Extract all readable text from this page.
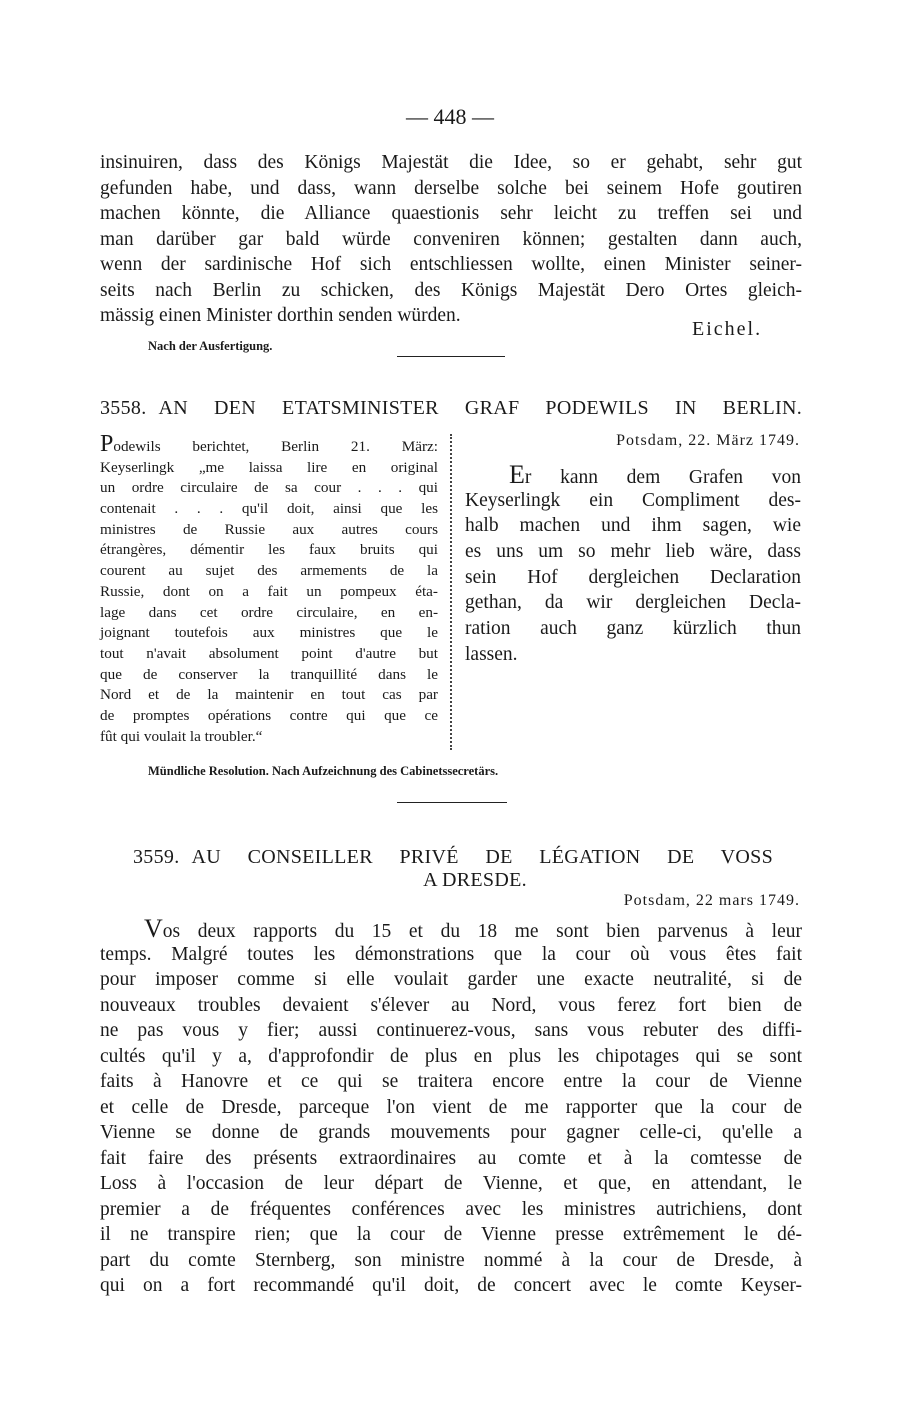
— 448 —
insinuiren, dass des Königs Majestät die Idee, so er gehabt, sehr gut
gefunden habe, und dass, wann derselbe solche bei seinem Hofe goutiren
machen könnte, die Alliance quaestionis sehr leicht zu treffen sei und
man darüber gar bald würde conveniren können; gestalten dann auch,
wenn der sardinische Hof sich entschliessen wollte, einen Minister seiner-
seits nach Berlin zu schicken, des Königs Majestät Dero Ortes gleich-
mässig einen Minister dorthin senden würden.
Eichel.
Nach der Ausfertigung.
3558. AN DEN ETATSMINISTER GRAF PODEWILS IN BERLIN.
Podewils berichtet, Berlin 21. März:
Keyserlingk „me laissa lire en original
un ordre circulaire de sa cour . . . qui
contenait . . . qu'il doit, ainsi que les
ministres de Russie aux autres cours
étrangères, démentir les faux bruits qui
courent au sujet des armements de la
Russie, dont on a fait un pompeux éta-
lage dans cet ordre circulaire, en en-
joignant toutefois aux ministres que le
tout n'avait absolument point d'autre but
que de conserver la tranquillité dans le
Nord et de la maintenir en tout cas par
de promptes opérations contre qui que ce
fût qui voulait la troubler.“
Potsdam, 22. März 1749.
Er kann dem Grafen von
Keyserlingk ein Compliment des-
halb machen und ihm sagen, wie
es uns um so mehr lieb wäre, dass
sein Hof dergleichen Declaration
gethan, da wir dergleichen Decla-
ration auch ganz kürzlich thun
lassen.
Mündliche Resolution. Nach Aufzeichnung des Cabinetssecretärs.
3559. AU CONSEILLER PRIVÉ DE LÉGATION DE VOSS
A DRESDE.
Potsdam, 22 mars 1749.
Vos deux rapports du 15 et du 18 me sont bien parvenus à leur
temps. Malgré toutes les démonstrations que la cour où vous êtes fait
pour imposer comme si elle voulait garder une exacte neutralité, si de
nouveaux troubles devaient s'élever au Nord, vous ferez fort bien de
ne pas vous y fier; aussi continuerez-vous, sans vous rebuter des diffi-
cultés qu'il y a, d'approfondir de plus en plus les chipotages qui se sont
faits à Hanovre et ce qui se traitera encore entre la cour de Vienne
et celle de Dresde, parceque l'on vient de me rapporter que la cour de
Vienne se donne de grands mouvements pour gagner celle-ci, qu'elle a
fait faire des présents extraordinaires au comte et à la comtesse de
Loss à l'occasion de leur départ de Vienne, et que, en attendant, le
premier a de fréquentes conférences avec les ministres autrichiens, dont
il ne transpire rien; que la cour de Vienne presse extrêmement le dé-
part du comte Sternberg, son ministre nommé à la cour de Dresde, à
qui on a fort recommandé qu'il doit, de concert avec le comte Keyser-
